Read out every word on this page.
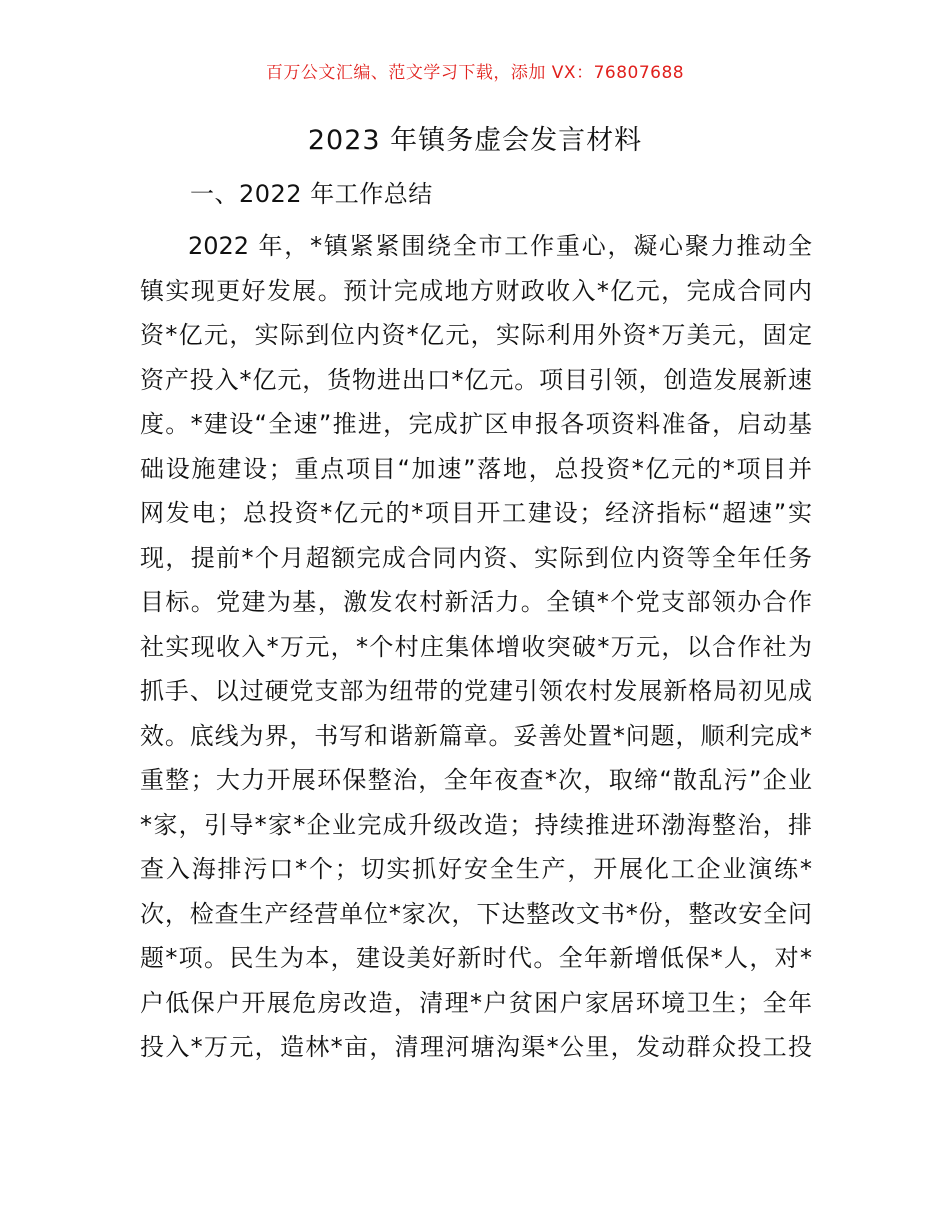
百万公文汇编、范文学习下载，添加 VX：76807688
2023 年镇务虚会发言材料
一、2022 年工作总结
2022 年，*镇紧紧围绕全市工作重心，凝心聚力推动全
镇实现更好发展。预计完成地方财政收入*亿元，完成合同内
资*亿元，实际到位内资*亿元，实际利用外资*万美元，固定
资产投入*亿元，货物进出口*亿元。项目引领，创造发展新速
度。*建设“全速”推进，完成扩区申报各项资料准备，启动基
础设施建设；重点项目“加速”落地，总投资*亿元的*项目并
网发电；总投资*亿元的*项目开工建设；经济指标“超速”实
现，提前*个月超额完成合同内资、实际到位内资等全年任务
目标。党建为基，激发农村新活力。全镇*个党支部领办合作
社实现收入*万元，*个村庄集体增收突破*万元，以合作社为
抓手、以过硬党支部为纽带的党建引领农村发展新格局初见成
效。底线为界，书写和谐新篇章。妥善处置*问题，顺利完成*
重整；大力开展环保整治，全年夜查*次，取缔“散乱污”企业
*家，引导*家*企业完成升级改造；持续推进环渤海整治，排
查入海排污口*个；切实抓好安全生产，开展化工企业演练*
次，检查生产经营单位*家次，下达整改文书*份，整改安全问
题*项。民生为本，建设美好新时代。全年新增低保*人，对*
户低保户开展危房改造，清理*户贫困户家居环境卫生；全年
投入*万元，造林*亩，清理河塘沟渠*公里，发动群众投工投
